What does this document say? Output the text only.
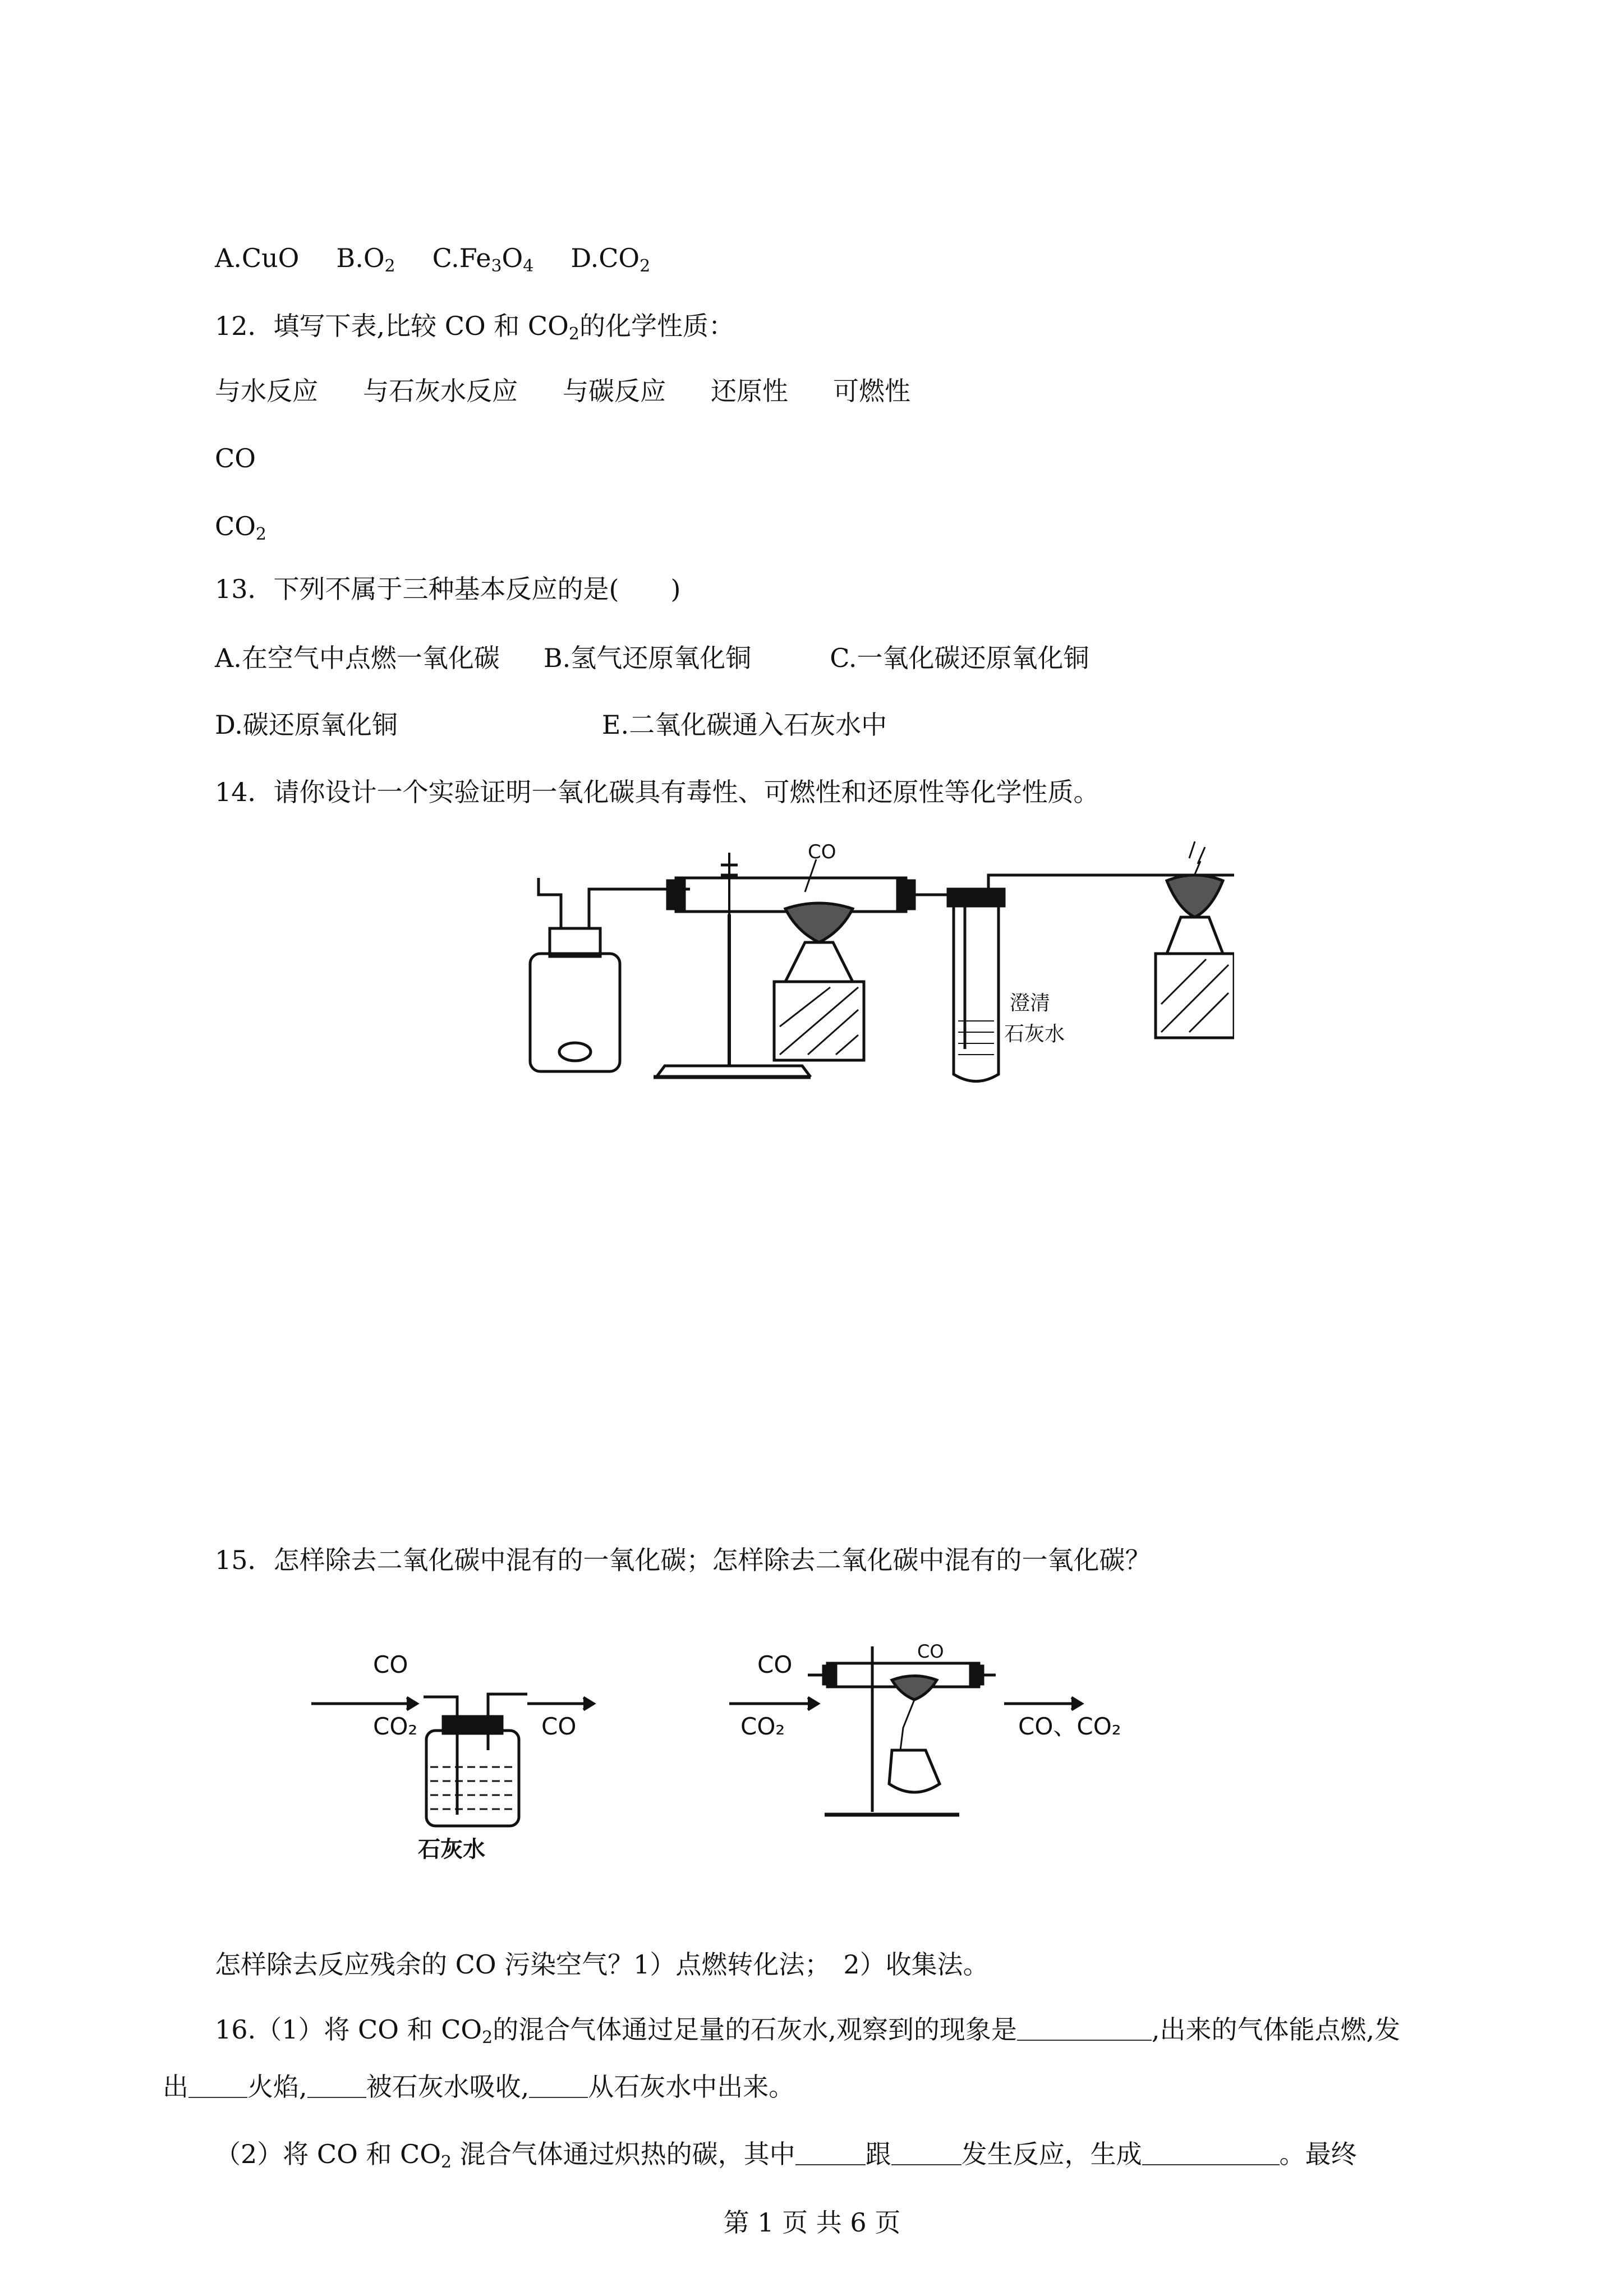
A.CuO $B.O_2$ $C.Fe_3O_4$ $D.CO_2$
12．填写下表,比较 CO 和 $CO_2$的化学性质：
与水反应 与石灰水反应 与碳反应 还原性 可燃性
CO
$CO_2$
13．下列不属于三种基本反应的是(　　)
A.在空气中点燃一氧化碳 B.氢气还原氧化铜	C.一氧化碳还原氧化铜
D.碳还原氧化铜	E.二氧化碳通入石灰水中
14．请你设计一个实验证明一氧化碳具有毒性、可燃性和还原性等化学性质。
CO
澄清
石灰水
15．怎样除去二氧化碳中混有的一氧化碳；怎样除去二氧化碳中混有的一氧化碳？
CO
CO₂	CO
石灰水
CO
CO₂
CO
CO、CO₂
怎样除去反应残余的 CO 污染空气？1）点燃转化法；　2）收集法。
16.（1）将 CO 和 $CO_2$的混合气体通过足量的石灰水,观察到的现象是	,出来的气体能点燃,发
出 火焰, 被石灰水吸收, 从石灰水中出来。
（2）将 CO 和 $CO_2$ 混合气体通过炽热的碳，其中	跟	发生反应，生成	。最终
第 1 页 共 6 页
